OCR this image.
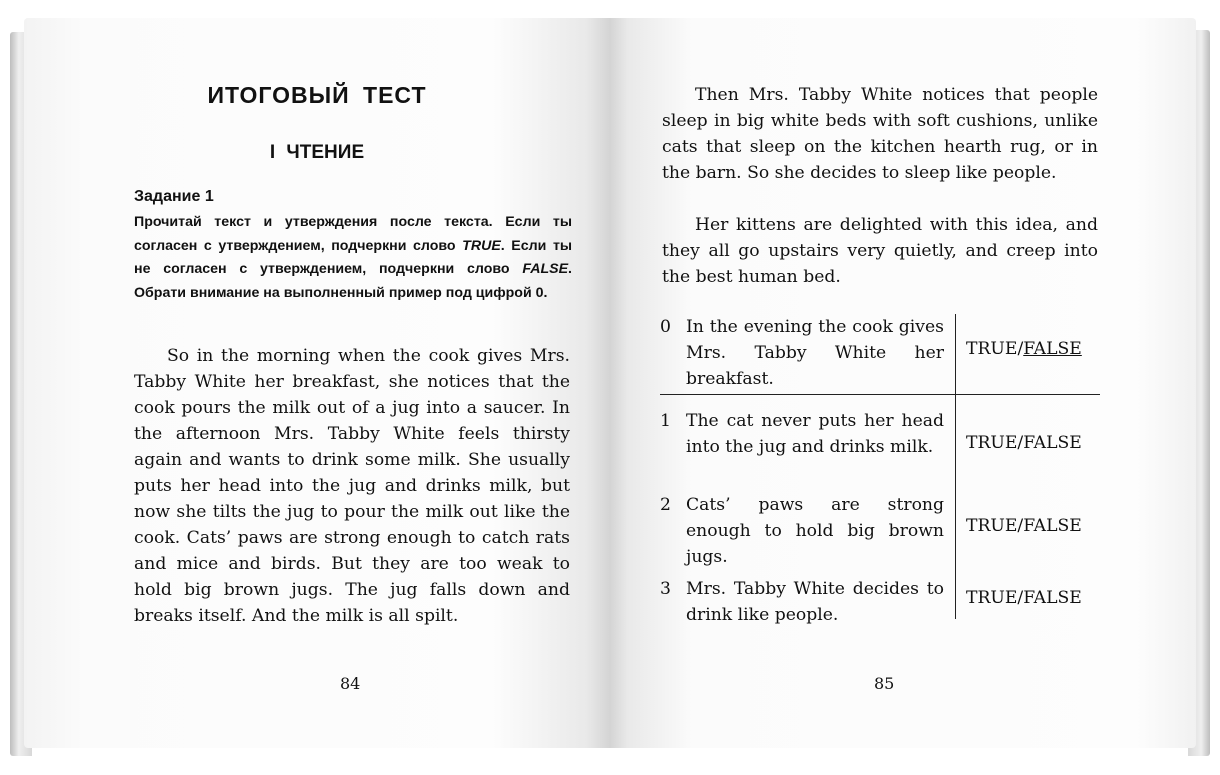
ИТОГОВЫЙ ТЕСТ
I ЧТЕНИЕ
Задание 1
Прочитай текст и утверждения после текста. Если ты согласен с утверждением, подчеркни слово TRUE. Если ты не согласен с утверждением, подчеркни слово FALSE. Обрати внимание на выполненный пример под цифрой 0.
So in the morning when the cook gives Mrs. Tabby White her breakfast, she notices that the cook pours the milk out of a jug into a saucer. In the afternoon Mrs. Tabby White feels thirsty again and wants to drink some milk. She usually puts her head into the jug and drinks milk, but now she tilts the jug to pour the milk out like the cook. Cats’ paws are strong enough to catch rats and mice and birds. But they are too weak to hold big brown jugs. The jug falls down and breaks itself. And the milk is all spilt.
84
Then Mrs. Tabby White notices that people sleep in big white beds with soft cushions, unlike cats that sleep on the kitchen hearth rug, or in the barn. So she decides to sleep like people.
Her kittens are delighted with this idea, and they all go upstairs very quietly, and creep into the best human bed.
0 In the evening the cook gives Mrs. Tabby White her breakfast.
TRUE/FALSE
1 The cat never puts her head into the jug and drinks milk.	TRUE/FALSE
2 Cats’ paws are strong enough to hold big brown jugs.
TRUE/FALSE
3 Mrs. Tabby White decides to drink like people.
TRUE/FALSE
85
